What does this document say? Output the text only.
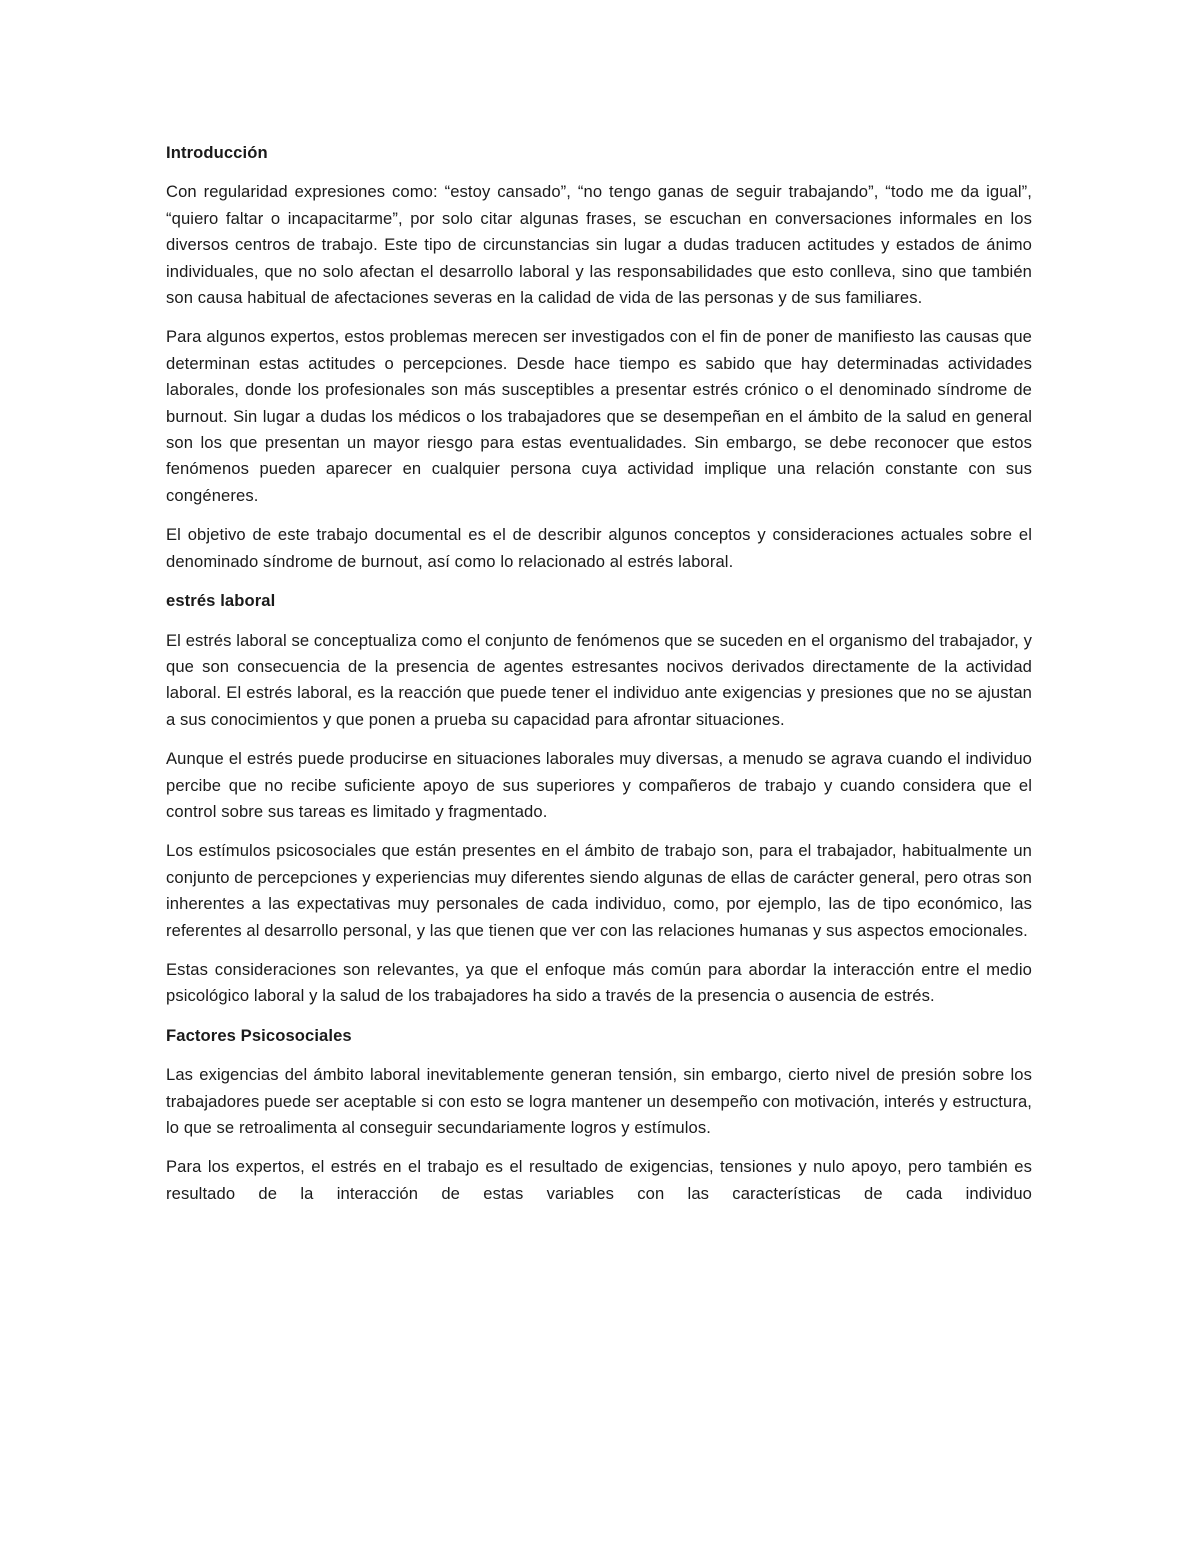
Introducción

Con regularidad expresiones como: “estoy cansado”, “no tengo ganas de seguir trabajando”, “todo me da igual”, “quiero faltar o incapacitarme”, por solo citar algunas frases, se escuchan en conversaciones informales en los diversos centros de trabajo. Este tipo de circunstancias sin lugar a dudas traducen actitudes y estados de ánimo individuales, que no solo afectan el desarrollo laboral y las responsabilidades que esto conlleva, sino que también son causa habitual de afectaciones severas en la calidad de vida de las personas y de sus familiares.

Para algunos expertos, estos problemas merecen ser investigados con el fin de poner de manifiesto las causas que determinan estas actitudes o percepciones. Desde hace tiempo es sabido que hay determinadas actividades laborales, donde los profesionales son más susceptibles a presentar estrés crónico o el denominado síndrome de burnout. Sin lugar a dudas los médicos o los trabajadores que se desempeñan en el ámbito de la salud en general son los que presentan un mayor riesgo para estas eventualidades. Sin embargo, se debe reconocer que estos fenómenos pueden aparecer en cualquier persona cuya actividad implique una relación constante con sus congéneres.

El objetivo de este trabajo documental es el de describir algunos conceptos y consideraciones actuales sobre el denominado síndrome de burnout, así como lo relacionado al estrés laboral.

estrés laboral

El estrés laboral se conceptualiza como el conjunto de fenómenos que se suceden en el organismo del trabajador, y que son consecuencia de la presencia de agentes estresantes nocivos derivados directamente de la actividad laboral. El estrés laboral, es la reacción que puede tener el individuo ante exigencias y presiones que no se ajustan a sus conocimientos y que ponen a prueba su capacidad para afrontar situaciones.

Aunque el estrés puede producirse en situaciones laborales muy diversas, a menudo se agrava cuando el individuo percibe que no recibe suficiente apoyo de sus superiores y compañeros de trabajo y cuando considera que el control sobre sus tareas es limitado y fragmentado.

Los estímulos psicosociales que están presentes en el ámbito de trabajo son, para el trabajador, habitualmente un conjunto de percepciones y experiencias muy diferentes siendo algunas de ellas de carácter general, pero otras son inherentes a las expectativas muy personales de cada individuo, como, por ejemplo, las de tipo económico, las referentes al desarrollo personal, y las que tienen que ver con las relaciones humanas y sus aspectos emocionales.

Estas consideraciones son relevantes, ya que el enfoque más común para abordar la interacción entre el medio psicológico laboral y la salud de los trabajadores ha sido a través de la presencia o ausencia de estrés.

Factores Psicosociales

Las exigencias del ámbito laboral inevitablemente generan tensión, sin embargo, cierto nivel de presión sobre los trabajadores puede ser aceptable si con esto se logra mantener un desempeño con motivación, interés y estructura, lo que se retroalimenta al conseguir secundariamente logros y estímulos.

Para los expertos, el estrés en el trabajo es el resultado de exigencias, tensiones y nulo apoyo, pero también es resultado de la interacción de estas variables con las características de cada individuo
